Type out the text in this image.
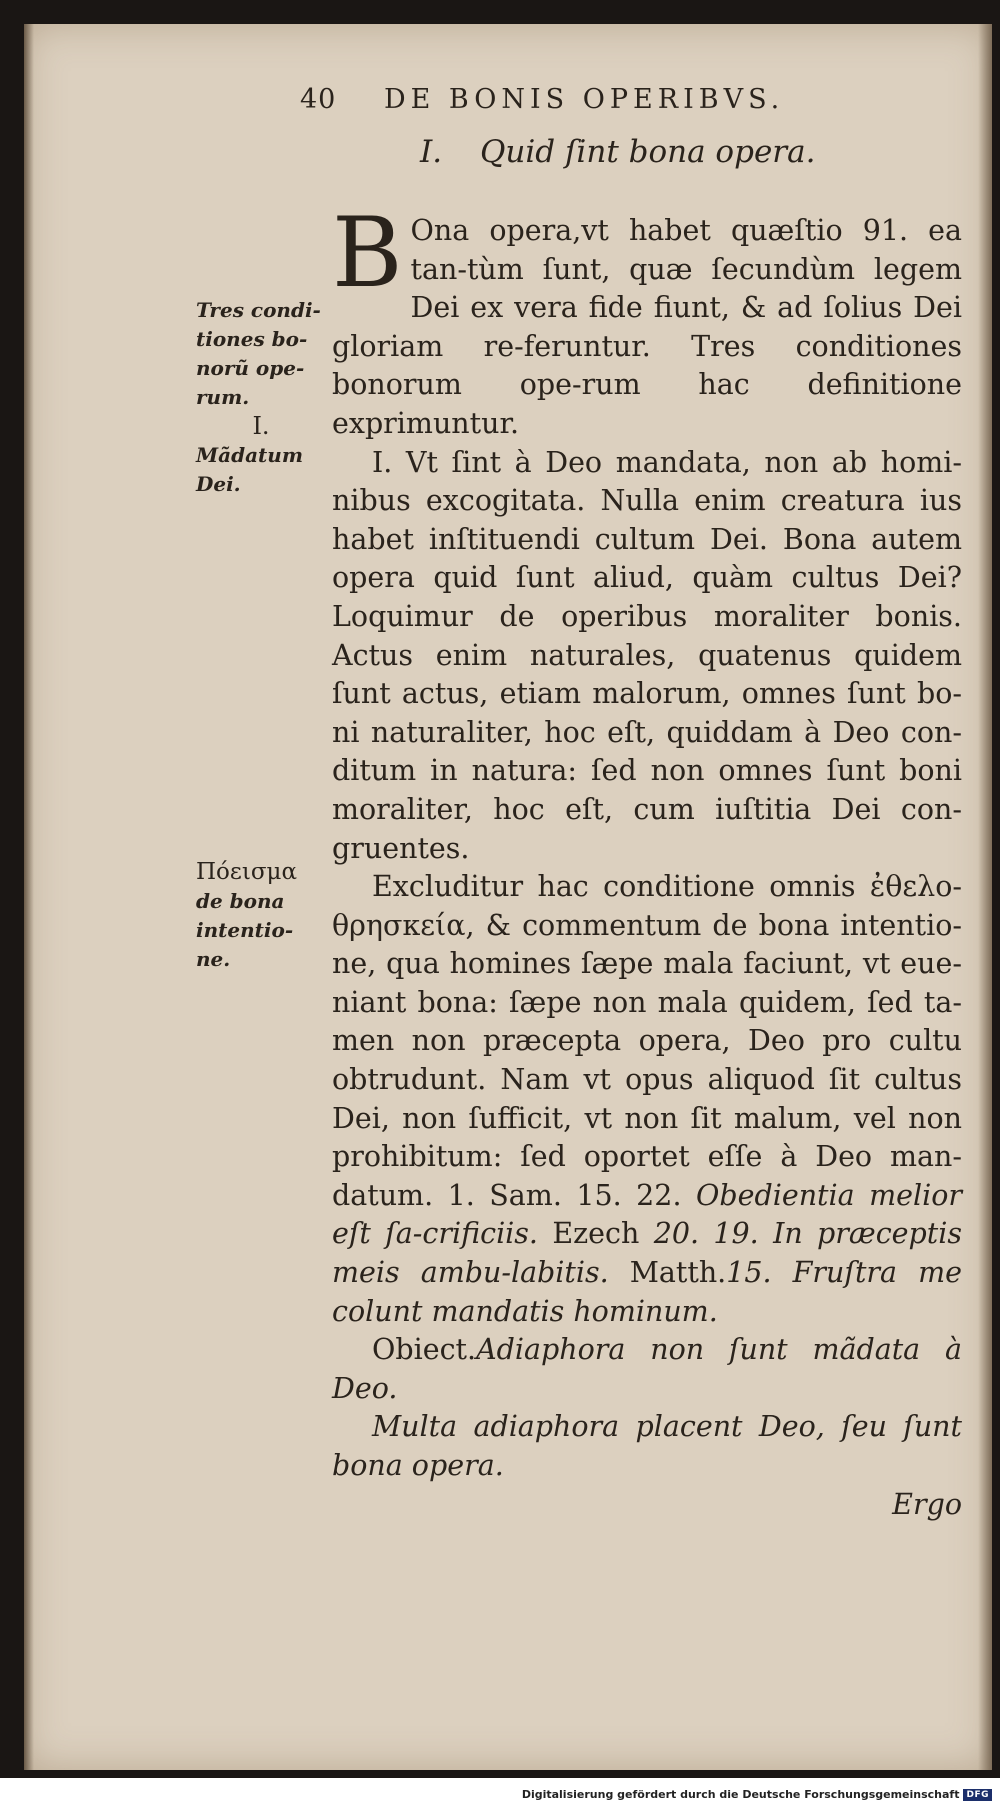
40 DE BONIS OPERIBVS.
I. Quid ſint bona opera.
Tres condi-
tiones bo-
norũ ope-
rum.
I.
Mãdatum
Dei.
Πόεισμα
de bona
intentio-
ne.

B Ona opera,vt habet quæſtio 91. ea tan-tùm ſunt, quæ ſecundùm legem Dei ex vera fide fiunt, & ad ſolius Dei gloriam re-feruntur. Tres conditiones bonorum ope-rum hac definitione exprimuntur.

I. Vt ſint à Deo mandata, non ab homi-nibus excogitata. Nulla enim creatura ius habet inſtituendi cultum Dei. Bona autem opera quid ſunt aliud, quàm cultus Dei? Loquimur de operibus moraliter bonis. Actus enim naturales, quatenus quidem ſunt actus, etiam malorum, omnes ſunt bo-ni naturaliter, hoc eſt, quiddam à Deo con-ditum in natura: ſed non omnes ſunt boni moraliter, hoc eſt, cum iuſtitia Dei con-gruentes.

Excluditur hac conditione omnis ἐθελο-θρησκεία, & commentum de bona intentio-ne, qua homines ſæpe mala faciunt, vt eue-niant bona: ſæpe non mala quidem, ſed ta-men non præcepta opera, Deo pro cultu obtrudunt. Nam vt opus aliquod ſit cultus Dei, non ſufficit, vt non ſit malum, vel non prohibitum: ſed oportet eſſe à Deo man-datum. 1. Sam. 15. 22. Obedientia melior eſt ſa-crificiis. Ezech 20. 19. In præceptis meis ambu-labitis. Matth.15. Fruſtra me colunt mandatis hominum.

Obiect.Adiaphora non ſunt mãdata à Deo.

Multa adiaphora placent Deo, ſeu ſunt bona opera.

Ergo

Digitalisierung gefördert durch die Deutsche Forschungsgemeinschaft DFG
